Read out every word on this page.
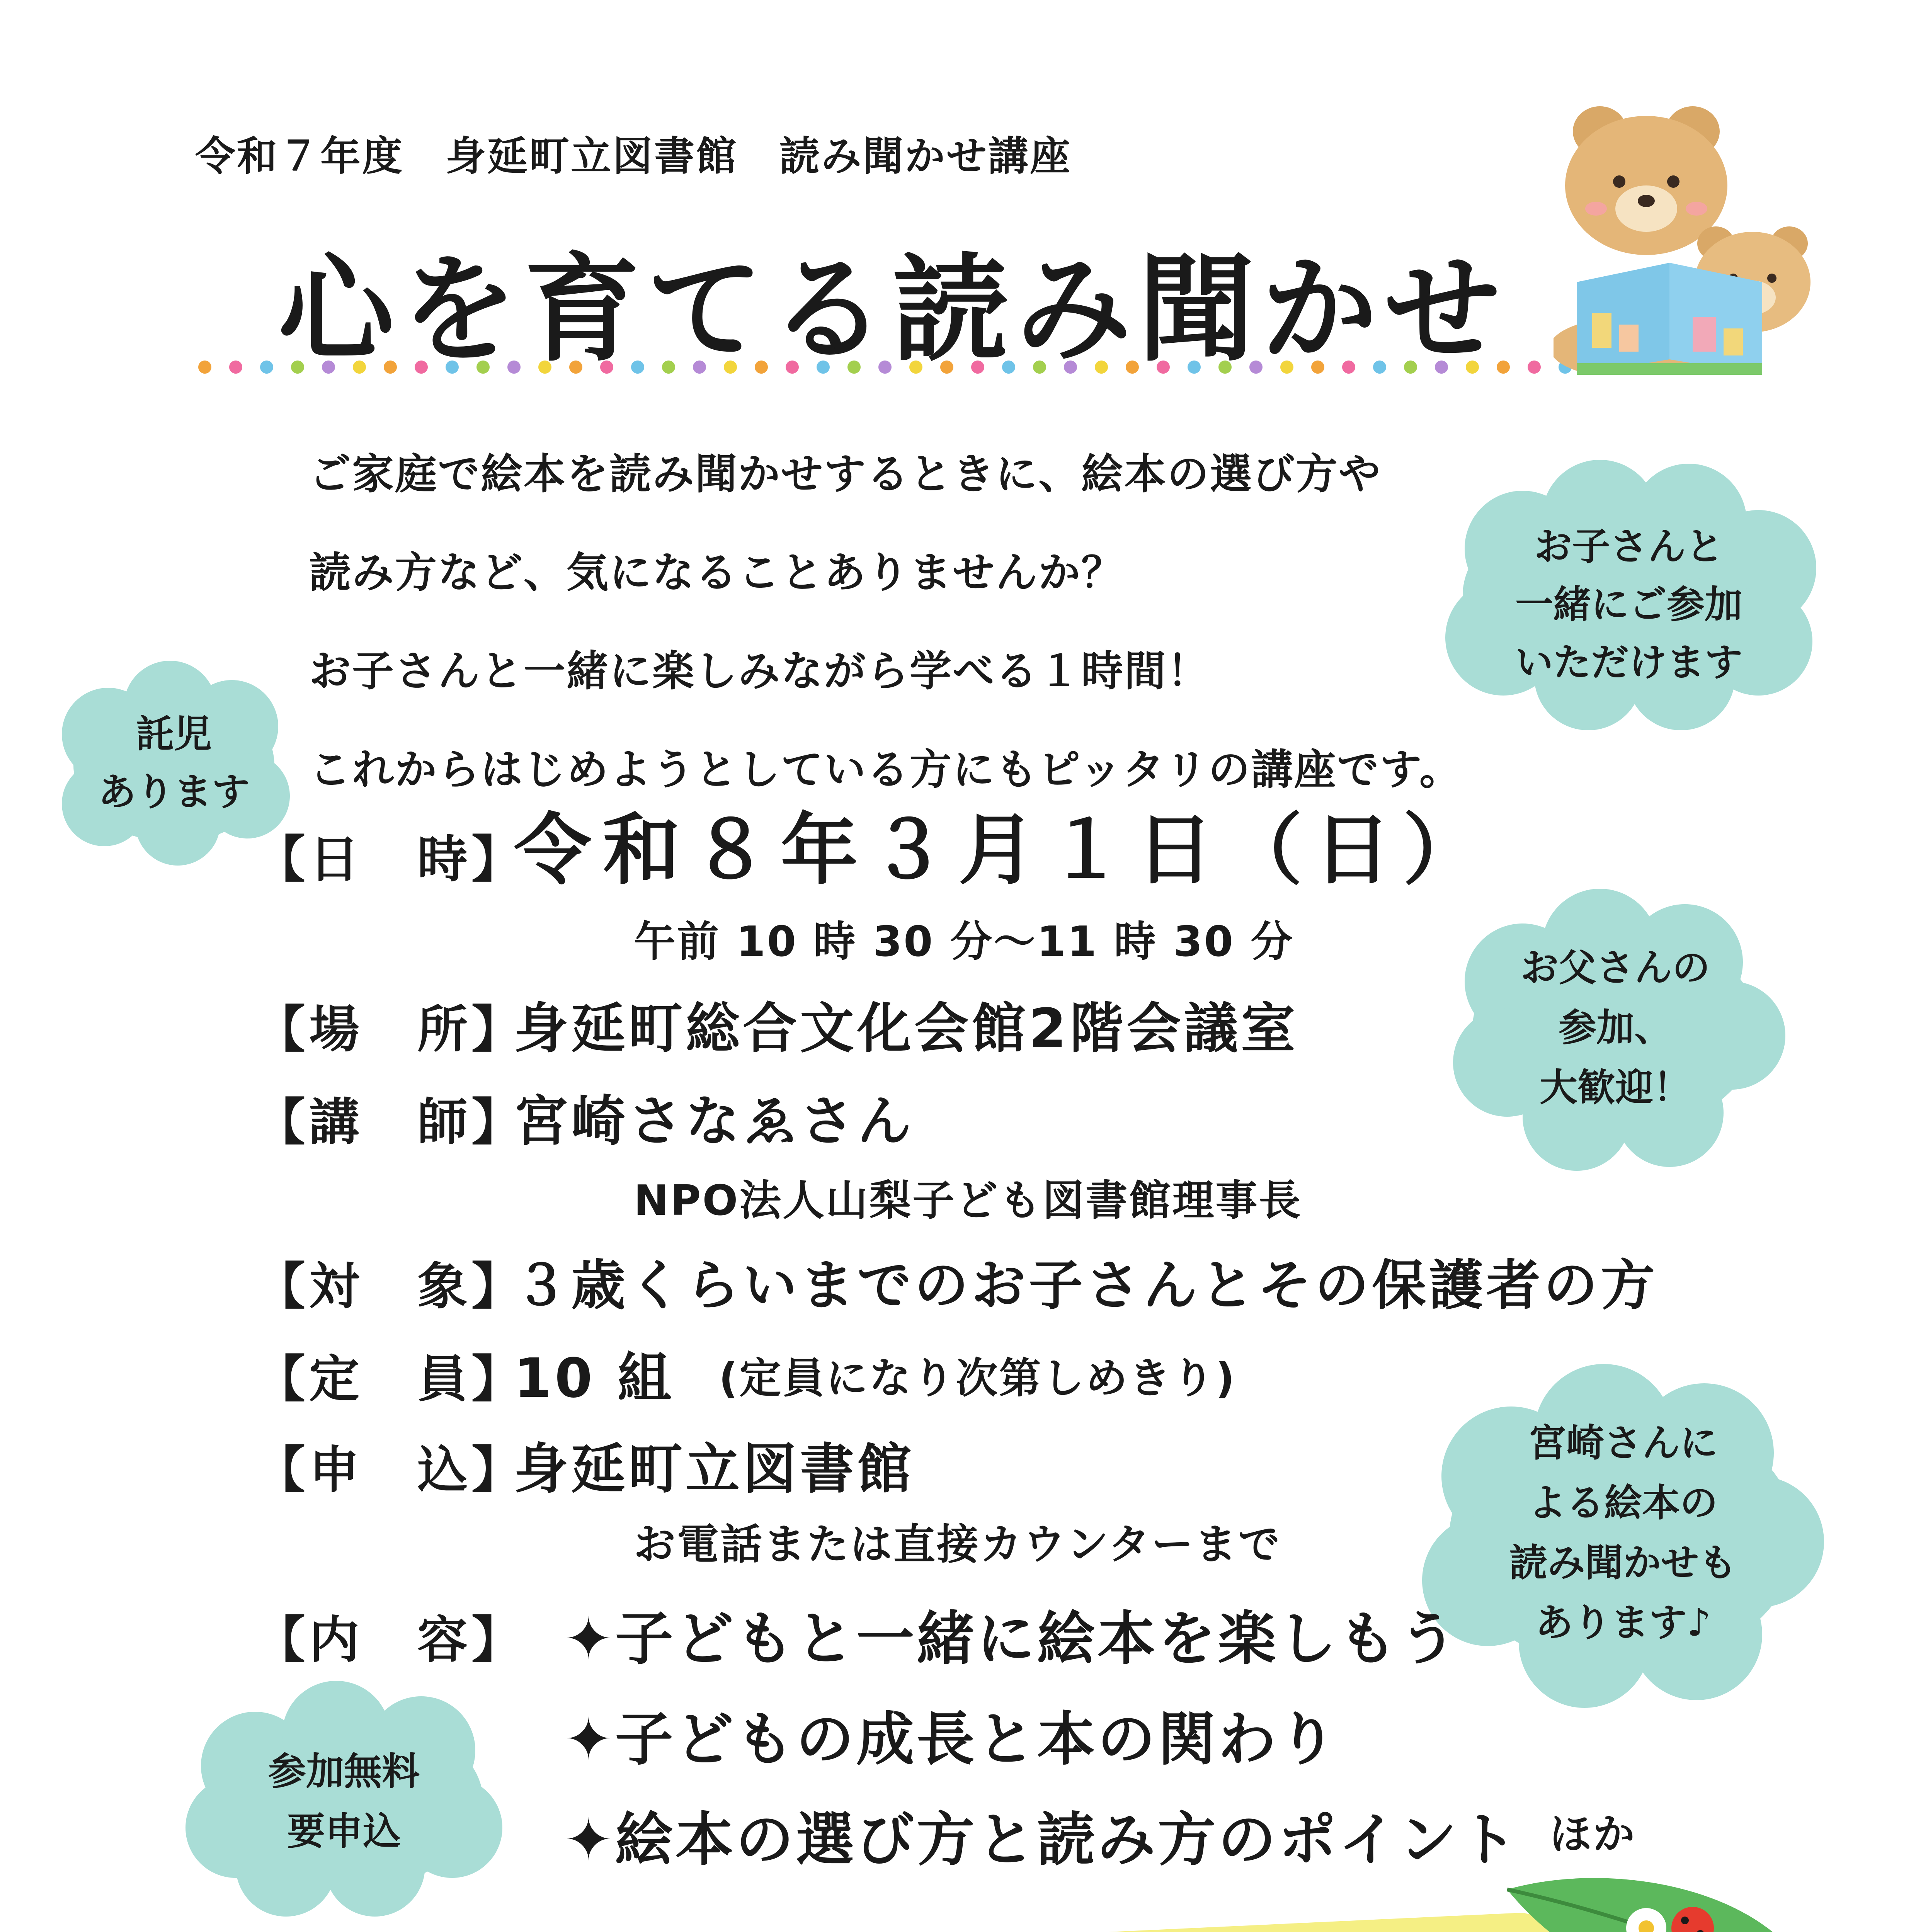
令和７年度　身延町立図書館　読み聞かせ講座
心を育てる読み聞かせ
ご家庭で絵本を読み聞かせするときに、絵本の選び方や
読み方など、気になることありませんか？
お子さんと一緒に楽しみながら学べる１時間！
これからはじめようとしている方にもピッタリの講座です。
お子さんと
一緒にご参加
いただけます
託児
あります
お父さんの
参加、
大歓迎！
宮崎さんに
よる絵本の
読み聞かせも
あります♪
参加無料
要申込
【日　時】
令和８年３月１日（日）
午前 10 時 30 分～11 時 30 分
【場　所】
身延町総合文化会館2階会議室
【講　師】
宮崎さなゑさん
NPO法人山梨子ども図書館理事長
【対　象】
３歳くらいまでのお子さんとその保護者の方
【定　員】
10 組 (定員になり次第しめきり)
【申　込】
身延町立図書館
お電話または直接カウンターまで
【内　容】 ✦子どもと一緒に絵本を楽しもう
✦子どもの成長と本の関わり
✦絵本の選び方と読み方のポイント ほか
